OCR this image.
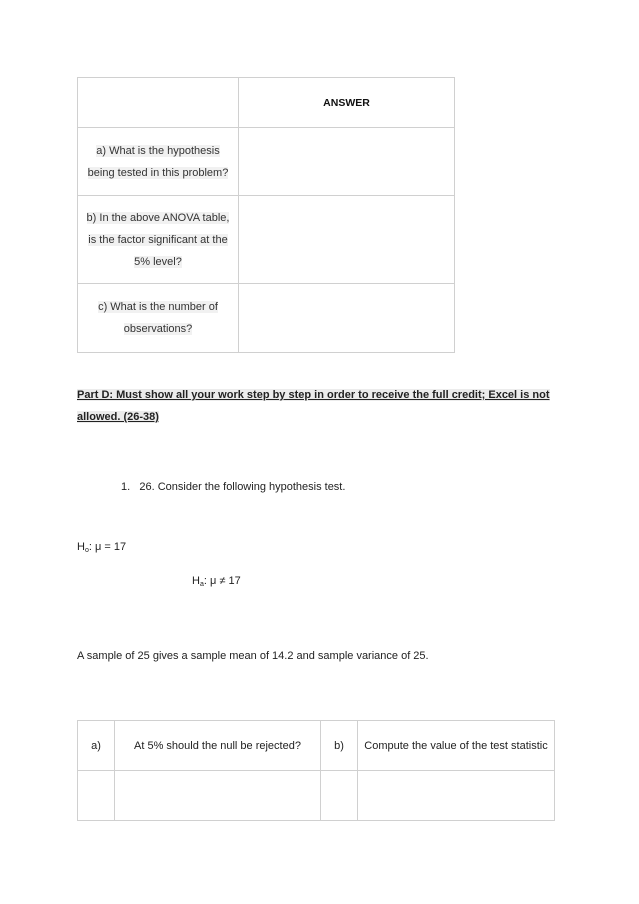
	ANSWER
a) What is the hypothesis being tested in this problem?	
b) In the above ANOVA table, is the factor significant at the 5% level?	
c) What is the number of observations?	
Part D: Must show all your work step by step in order to receive the full credit; Excel is not allowed. (26-38)
1. 26. Consider the following hypothesis test.
$H_o$: μ = 17
$H_a$: μ ≠ 17
A sample of 25 gives a sample mean of 14.2 and sample variance of 25.
a)	At 5% should the null be rejected?	b)	Compute the value of the test statistic
